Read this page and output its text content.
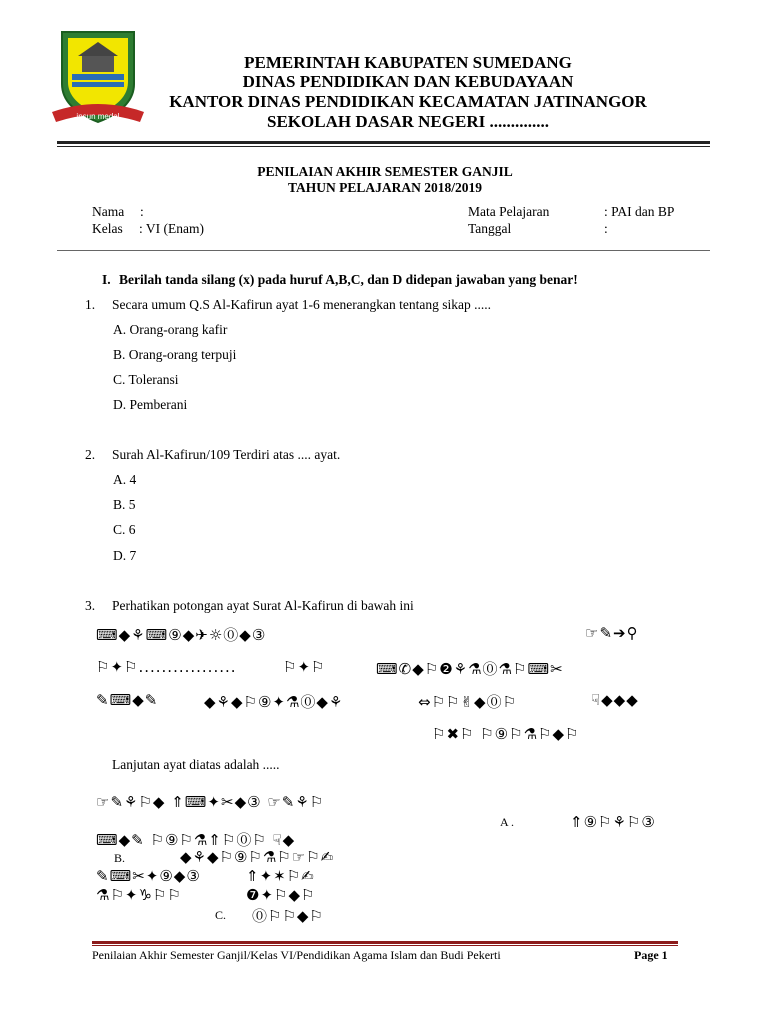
insun medal
PEMERINTAH KABUPATEN SUMEDANG
DINAS PENDIDIKAN DAN KEBUDAYAAN
KANTOR DINAS PENDIDIKAN KECAMATAN JATINANGOR
SEKOLAH DASAR NEGERI ..............
PENILAIAN AKHIR SEMESTER GANJIL
TAHUN PELAJARAN 2018/2019
Nama :
Kelas : VI (Enam)
Mata Pelajaran	: PAI dan BP
Tanggal	:
I. Berilah tanda silang (x) pada huruf A,B,C, dan D didepan jawaban yang benar!
1. Secara umum Q.S Al-Kafirun ayat 1-6 menerangkan tentang sikap .....
A. Orang-orang kafir
B. Orang-orang terpuji
C. Toleransi
D. Pemberani
2. Surah Al-Kafirun/109 Terdiri atas .... ayat.
A. 4
B. 5
C. 6
D. 7
3. Perhatikan potongan ayat Surat Al-Kafirun di bawah ini
⌨◆⚘⌨⑨◆✈☼⓪◆③	☞✎➔⚲
⚐✦⚐.................	⚐✦⚐	⌨✆◆⚐❷⚘⚗⓪⚗⚐⌨✂
✎⌨◆✎	◆⚘◆⚐⑨✦⚗⓪◆⚘	⇔⚐⚐✌◆⓪⚐	☟◆◆◆
⚐✖⚐ ⚐⑨⚐⚗⚐◆⚐
Lanjutan ayat diatas adalah .....
☞✎⚘⚐◆ ⇑⌨✦✂◆③ ☞✎⚘⚐
A .	⇑⑨⚐⚘⚐③
⌨◆✎ ⚐⑨⚐⚗⇑⚐⓪⚐ ☟◆
B.	◆⚘◆⚐⑨⚐⚗⚐☞⚐✍
✎⌨✂✦⑨◆③	⇑✦✶⚐✍
⚗⚐✦♑⚐⚐	❼✦⚐◆⚐
C. ⓪⚐⚐◆⚐
Penilaian Akhir Semester Ganjil/Kelas VI/Pendidikan Agama Islam dan Budi Pekerti	Page 1
